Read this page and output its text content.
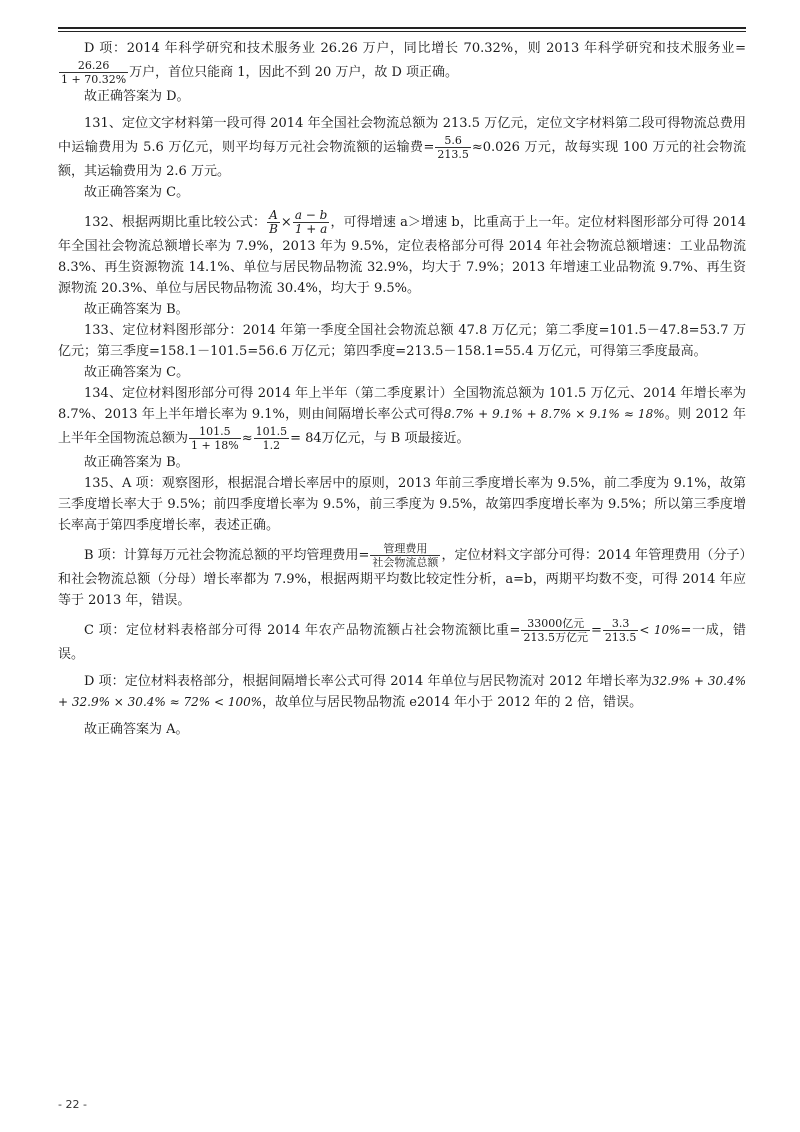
D 项：2014 年科学研究和技术服务业 26.26 万户，同比增长 70.32%，则 2013 年科学研究和技术服务业=
$\frac{26.26}{1 + 70.32\%}$ 万户，首位只能商 1，因此不到 20 万户，故 D 项正确。

故正确答案为 D。

131、定位文字材料第一段可得 2014 年全国社会物流总额为 213.5 万亿元，定位文字材料第二段可得物流总费用中运输费用为 5.6 万亿元，则平均每万元社会物流额的运输费= $\frac{5.6}{213.5} \approx 0.026$ 万元，故每实现 100 万元的社会物流额，其运输费用为 2.6 万元。

故正确答案为 C。

132、根据两期比重比较公式： $\frac{A}{B} \times \frac{a - b}{1 + a}$ ，可得增速 a＞增速 b，比重高于上一年。定位材料图形部分可得 2014 年全国社会物流总额增长率为 7.9%，2013 年为 9.5%，定位表格部分可得 2014 年社会物流总额增速：工业品物流 8.3%、再生资源物流 14.1%、单位与居民物品物流 32.9%，均大于 7.9%；2013 年增速工业品物流 9.7%、再生资源物流 20.3%、单位与居民物品物流 30.4%，均大于 9.5%。

故正确答案为 B。

133、定位材料图形部分：2014 年第一季度全国社会物流总额 47.8 万亿元；第二季度=101.5－47.8=53.7 万亿元；第三季度=158.1－101.5=56.6 万亿元；第四季度=213.5－158.1=55.4 万亿元，可得第三季度最高。

故正确答案为 C。

134、定位材料图形部分可得 2014 年上半年（第二季度累计）全国物流总额为 101.5 万亿元、2014 年增长率为 8.7%、2013 年上半年增长率为 9.1%，则由间隔增长率公式可得8.7% + 9.1% + 8.7% × 9.1% ≈ 18%。则 2012 年上半年全国物流总额为 $\frac{101.5}{1 + 18\%} \approx \frac{101.5}{1.2} = 84$万亿元，与 B 项最接近。

故正确答案为 B。

135、A 项：观察图形，根据混合增长率居中的原则，2013 年前三季度增长率为 9.5%，前二季度为 9.1%，故第三季度增长率大于 9.5%；前四季度增长率为 9.5%，前三季度为 9.5%，故第四季度增长率为 9.5%；所以第三季度增长率高于第四季度增长率，表述正确。

B 项：计算每万元社会物流总额的平均管理费用= $\frac{\text{管理费用}}{\text{社会物流总额}}$ ，定位材料文字部分可得：2014 年管理费用（分子）和社会物流总额（分母）增长率都为 7.9%，根据两期平均数比较定性分析，a=b，两期平均数不变，可得 2014 年应等于 2013 年，错误。

C 项：定位材料表格部分可得 2014 年农产品物流额占社会物流额比重= $\frac{\text{33000亿元}}{\text{213.5万亿元}} = \frac{3.3}{213.5} < 10\%=$一成，错误。

D 项：定位材料表格部分，根据间隔增长率公式可得 2014 年单位与居民物流对 2012 年增长率为32.9% + 30.4% + 32.9% × 30.4% ≈ 72% < 100%，故单位与居民物品物流 e2014 年小于 2012 年的 2 倍，错误。

故正确答案为 A。

- 22 -
